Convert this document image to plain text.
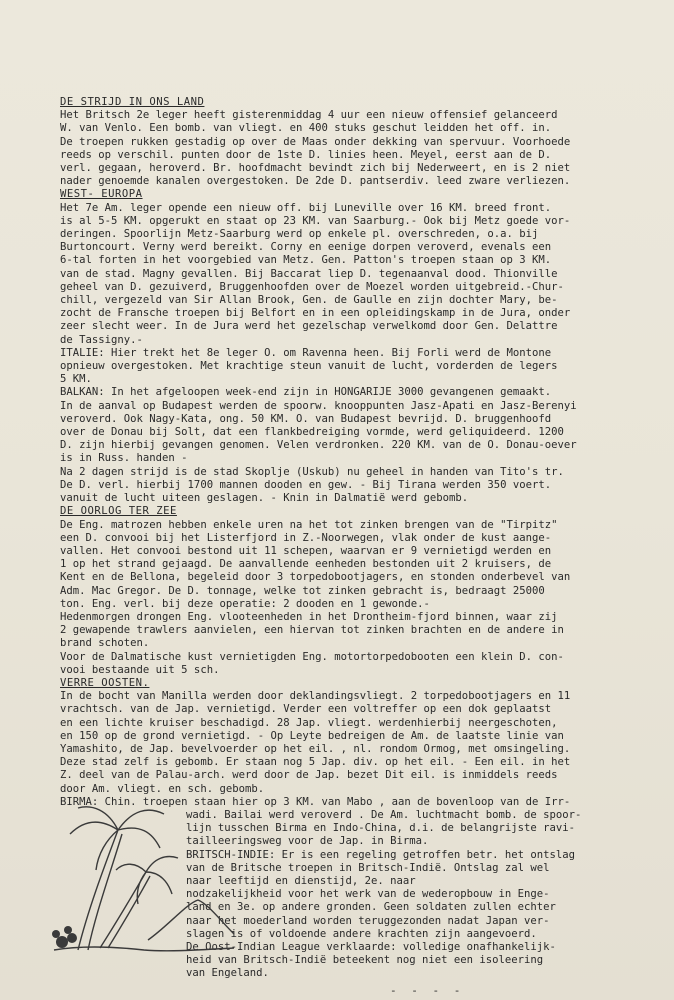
DE STRIJD IN ONS LAND
Het Britsch 2e leger heeft gisterenmiddag 4 uur een nieuw offensief gelanceerd
W. van Venlo. Een bomb. van vliegt. en 400 stuks geschut leidden het off. in.
De troepen rukken gestadig op over de Maas onder dekking van spervuur. Voorhoede
reeds op verschil. punten door de 1ste D. linies heen. Meyel, eerst aan de D.
verl. gegaan, heroverd. Br. hoofdmacht bevindt zich bij Nederweert, en is 2 niet
nader genoemde kanalen overgestoken. De 2de D. pantserdiv. leed zware verliezen.
WEST- EUROPA
Het 7e Am. leger opende een nieuw off. bij Luneville over 16 KM. breed front.
is al 5-5 KM. opgerukt en staat op 23 KM. van Saarburg.- Ook bij Metz goede vor-
deringen. Spoorlijn Metz-Saarburg werd op enkele pl. overschreden, o.a. bij
Burtoncourt. Verny werd bereikt. Corny en eenige dorpen veroverd, evenals een
6-tal forten in het voorgebied van Metz. Gen. Patton's troepen staan op 3 KM.
van de stad. Magny gevallen. Bij Baccarat liep D. tegenaanval dood. Thionville
geheel van D. gezuiverd, Bruggenhoofden over de Moezel worden uitgebreid.-Chur-
chill, vergezeld van Sir Allan Brook, Gen. de Gaulle en zijn dochter Mary, be-
zocht de Fransche troepen bij Belfort en in een opleidingskamp in de Jura, onder
zeer slecht weer. In de Jura werd het gezelschap verwelkomd door Gen. Delattre
de Tassigny.-
ITALIE: Hier trekt het 8e leger O. om Ravenna heen. Bij Forli werd de Montone
opnieuw overgestoken. Met krachtige steun vanuit de lucht, vorderden de legers
5 KM.
BALKAN: In het afgeloopen week-end zijn in HONGARIJE 3000 gevangenen gemaakt.
In de aanval op Budapest werden de spoorw. knooppunten Jasz-Apati en Jasz-Berenyi
veroverd. Ook Nagy-Kata, ong. 50 KM. O. van Budapest bevrijd. D. bruggenhoofd
over de Donau bij Solt, dat een flankbedreiging vormde, werd geliquideerd. 1200
D. zijn hierbij gevangen genomen. Velen verdronken. 220 KM. van de O. Donau-oever
is in Russ. handen -
Na 2 dagen strijd is de stad Skoplje (Uskub) nu geheel in handen van Tito's tr.
De D. verl. hierbij 1700 mannen dooden en gew. - Bij Tirana werden 350 voert.
vanuit de lucht uiteen geslagen. - Knin in Dalmatië werd gebomb.
DE OORLOG TER ZEE
De Eng. matrozen hebben enkele uren na het tot zinken brengen van de "Tirpitz"
een D. convooi bij het Listerfjord in Z.-Noorwegen, vlak onder de kust aange-
vallen. Het convooi bestond uit 11 schepen, waarvan er 9 vernietigd werden en
1 op het strand gejaagd. De aanvallende eenheden bestonden uit 2 kruisers, de
Kent en de Bellona, begeleid door 3 torpedobootjagers, en stonden onderbevel van
Adm. Mac Gregor. De D. tonnage, welke tot zinken gebracht is, bedraagt 25000
ton. Eng. verl. bij deze operatie: 2 dooden en 1 gewonde.-
Hedenmorgen drongen Eng. vlooteenheden in het Drontheim-fjord binnen, waar zij
2 gewapende trawlers aanvielen, een hiervan tot zinken brachten en de andere in
brand schoten.
Voor de Dalmatische kust vernietigden Eng. motortorpedobooten een klein D. con-
vooi bestaande uit 5 sch.
VERRE OOSTEN.
In de bocht van Manilla werden door deklandingsvliegt. 2 torpedobootjagers en 11
vrachtsch. van de Jap. vernietigd. Verder een voltreffer op een dok geplaatst
en een lichte kruiser beschadigd. 28 Jap. vliegt. werdenhierbij neergeschoten,
en 150 op de grond vernietigd. - Op Leyte bedreigen de Am. de laatste linie van
Yamashito, de Jap. bevelvoerder op het eil. , nl. rondom Ormog, met omsingeling.
Deze stad zelf is gebomb. Er staan nog 5 Jap. div. op het eil. - Een eil. in het
Z. deel van de Palau-arch. werd door de Jap. bezet Dit eil. is inmiddels reeds
door Am. vliegt. en sch. gebomb.
BIRMA: Chin. troepen staan hier op 3 KM. van Mabo , aan de bovenloop van de Irr-
wadi. Bailai werd veroverd . De Am. luchtmacht bomb. de spoor-
lijn tusschen Birma en Indo-China, d.i. de belangrijste ravi-
tailleeringsweg voor de Jap. in Birma.
BRITSCH-INDIE: Er is een regeling getroffen betr. het ontslag
van de Britsche troepen in Britsch-Indië. Ontslag zal wel
naar leeftijd en dienstijd, 2e. naar
nodzakelijkheid voor het werk van de wederopbouw in Enge-
land en 3e. op andere gronden. Geen soldaten zullen echter
naar het moederland worden teruggezonden nadat Japan ver-
slagen is of voldoende andere krachten zijn aangevoerd.
De Oost-Indian League verklaarde: volledige onafhankelijk-
heid van Britsch-Indië beteekent nog niet een isoleering
van Engeland.
- - - -
